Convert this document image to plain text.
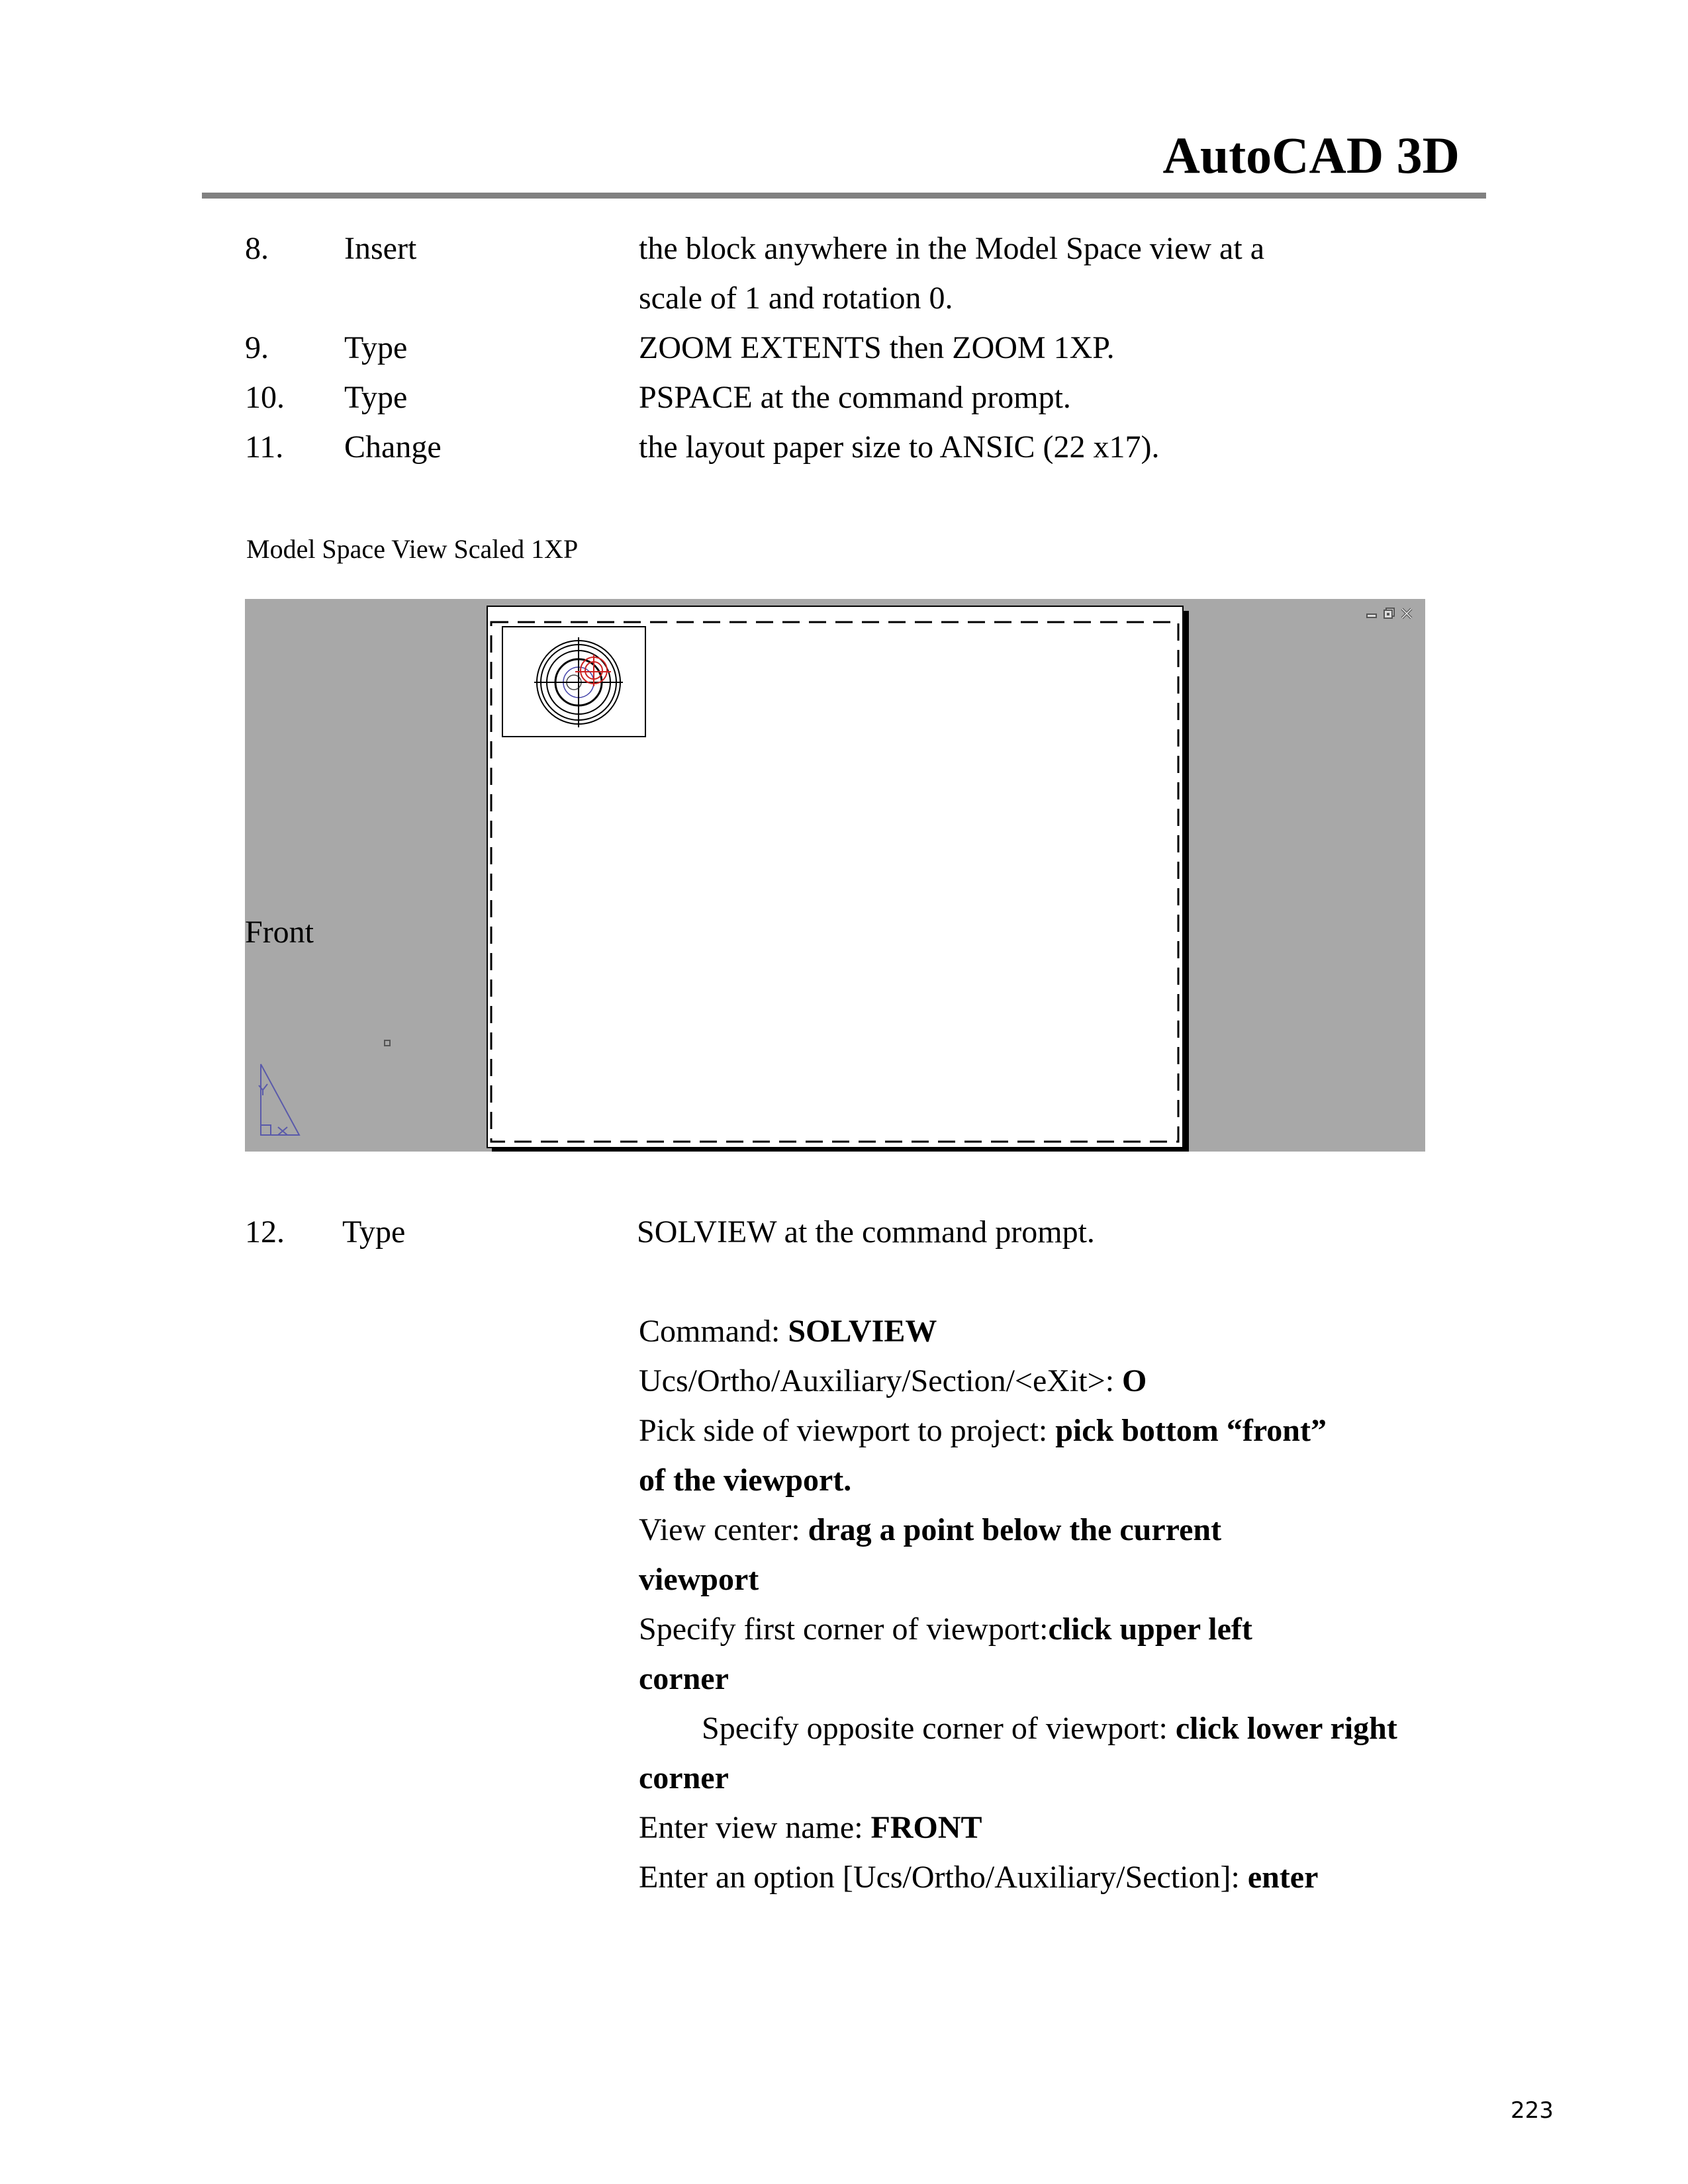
AutoCAD 3D
8. Insert	the block anywhere in the Model Space view at a
scale of 1 and rotation 0.
9. Type	ZOOM EXTENTS then ZOOM 1XP.
10. Type	PSPACE at the command prompt.
11. Change	the layout paper size to ANSIC (22 x17).
Model Space View Scaled 1XP
Front
12. Type	SOLVIEW at the command prompt.
Command: SOLVIEW
Ucs/Ortho/Auxiliary/Section/<eXit>: O
Pick side of viewport to project: pick bottom “front”
of the viewport.
View center: drag a point below the current
viewport
Specify first corner of viewport:click upper left
corner
Specify opposite corner of viewport: click lower right
corner
Enter view name: FRONT
Enter an option [Ucs/Ortho/Auxiliary/Section]: enter
223
